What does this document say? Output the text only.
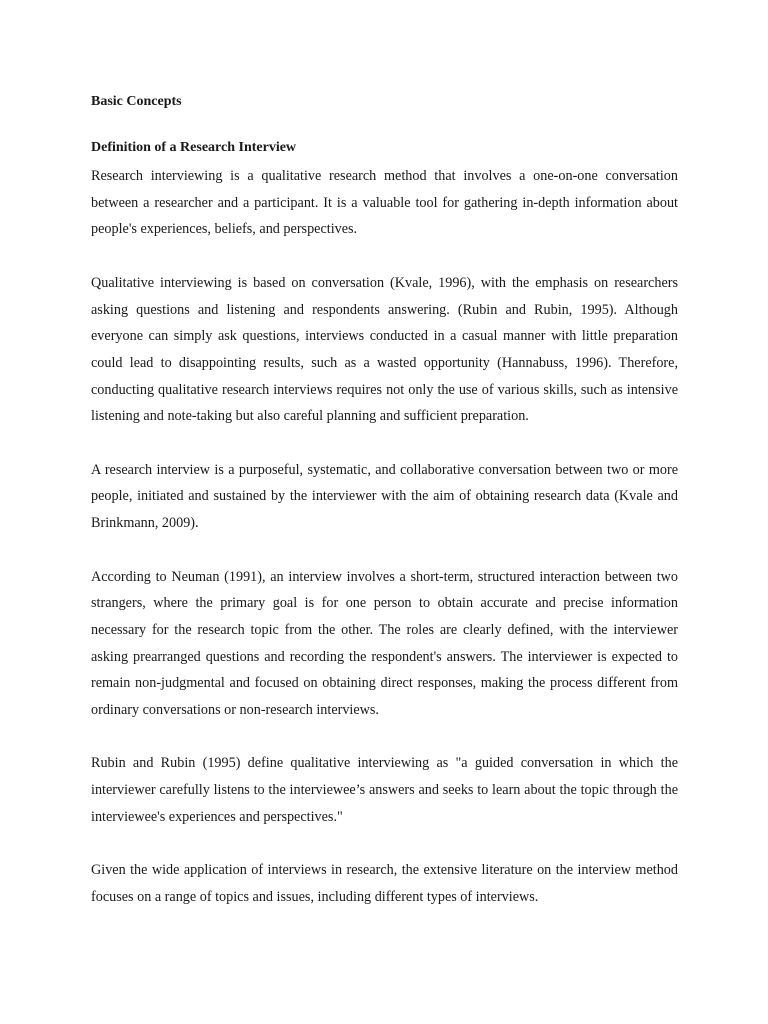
Basic Concepts
Definition of a Research Interview

Research interviewing is a qualitative research method that involves a one-on-one conversation between a researcher and a participant. It is a valuable tool for gathering in-depth information about people's experiences, beliefs, and perspectives.

Qualitative interviewing is based on conversation (Kvale, 1996), with the emphasis on researchers asking questions and listening and respondents answering. (Rubin and Rubin, 1995). Although everyone can simply ask questions, interviews conducted in a casual manner with little preparation could lead to disappointing results, such as a wasted opportunity (Hannabuss, 1996). Therefore, conducting qualitative research interviews requires not only the use of various skills, such as intensive listening and note-taking but also careful planning and sufficient preparation.

A research interview is a purposeful, systematic, and collaborative conversation between two or more people, initiated and sustained by the interviewer with the aim of obtaining research data (Kvale and Brinkmann, 2009).

According to Neuman (1991), an interview involves a short-term, structured interaction between two strangers, where the primary goal is for one person to obtain accurate and precise information necessary for the research topic from the other. The roles are clearly defined, with the interviewer asking prearranged questions and recording the respondent's answers. The interviewer is expected to remain non-judgmental and focused on obtaining direct responses, making the process different from ordinary conversations or non-research interviews.

Rubin and Rubin (1995) define qualitative interviewing as "a guided conversation in which the interviewer carefully listens to the interviewee’s answers and seeks to learn about the topic through the interviewee's experiences and perspectives."

Given the wide application of interviews in research, the extensive literature on the interview method focuses on a range of topics and issues, including different types of interviews.
